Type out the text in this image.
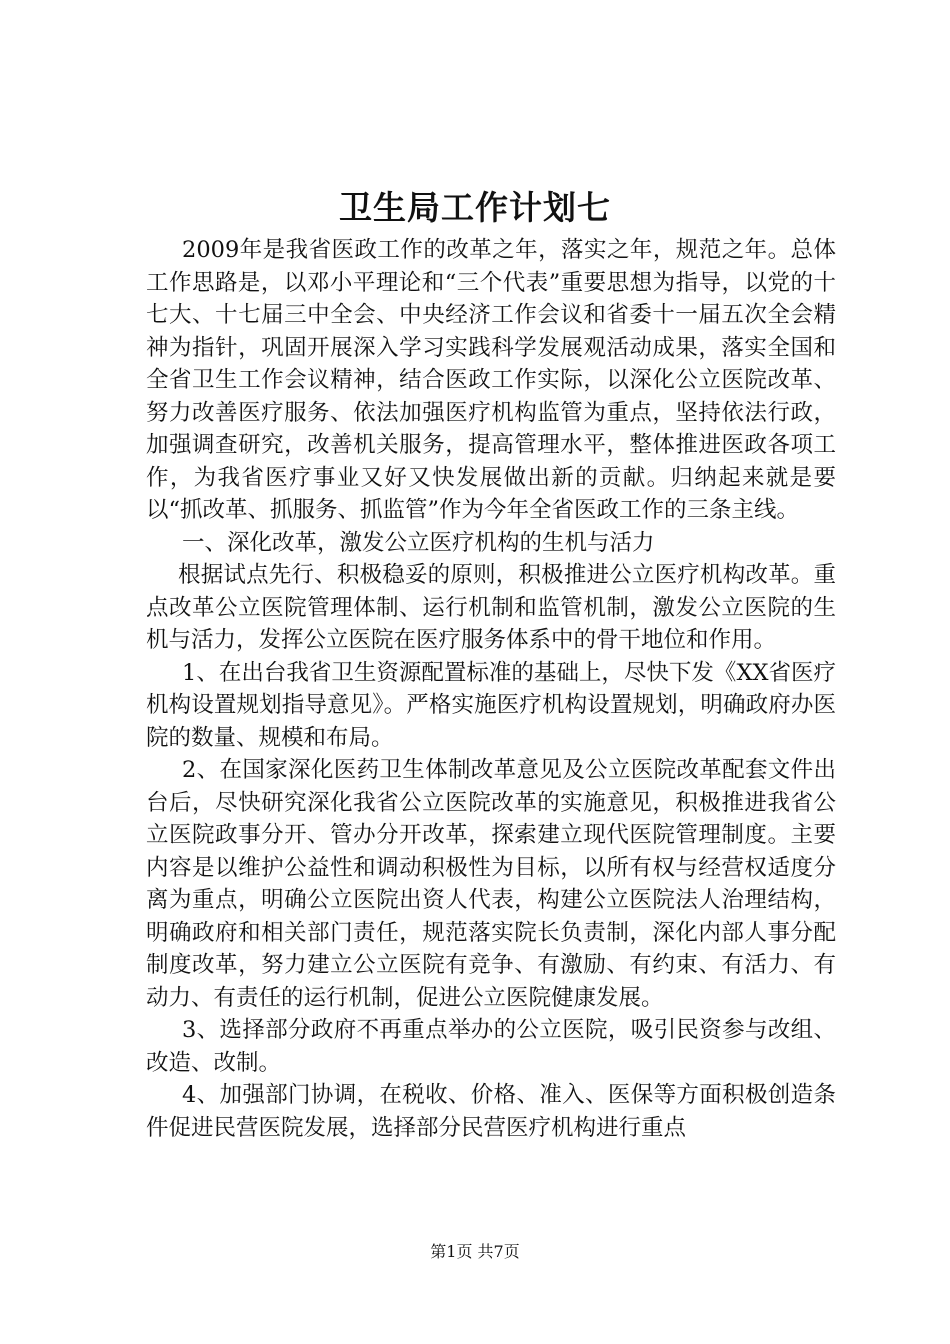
卫生局工作计划七

2009年是我省医政工作的改革之年，落实之年，规范之年。总体工作思路是，以邓小平理论和“三个代表”重要思想为指导，以党的十七大、十七届三中全会、中央经济工作会议和省委十一届五次全会精神为指针，巩固开展深入学习实践科学发展观活动成果，落实全国和全省卫生工作会议精神，结合医政工作实际，以深化公立医院改革、努力改善医疗服务、依法加强医疗机构监管为重点，坚持依法行政，加强调查研究，改善机关服务，提高管理水平，整体推进医政各项工作，为我省医疗事业又好又快发展做出新的贡献。归纳起来就是要以“抓改革、抓服务、抓监管”作为今年全省医政工作的三条主线。

一、深化改革，激发公立医疗机构的生机与活力

根据试点先行、积极稳妥的原则，积极推进公立医疗机构改革。重点改革公立医院管理体制、运行机制和监管机制，激发公立医院的生机与活力，发挥公立医院在医疗服务体系中的骨干地位和作用。

1、在出台我省卫生资源配置标准的基础上，尽快下发《XX省医疗机构设置规划指导意见》。严格实施医疗机构设置规划，明确政府办医院的数量、规模和布局。

2、在国家深化医药卫生体制改革意见及公立医院改革配套文件出台后，尽快研究深化我省公立医院改革的实施意见，积极推进我省公立医院政事分开、管办分开改革，探索建立现代医院管理制度。主要内容是以维护公益性和调动积极性为目标，以所有权与经营权适度分离为重点，明确公立医院出资人代表，构建公立医院法人治理结构，明确政府和相关部门责任，规范落实院长负责制，深化内部人事分配制度改革，努力建立公立医院有竞争、有激励、有约束、有活力、有动力、有责任的运行机制，促进公立医院健康发展。

3、选择部分政府不再重点举办的公立医院，吸引民资参与改组、改造、改制。

4、加强部门协调，在税收、价格、准入、医保等方面积极创造条件促进民营医院发展，选择部分民营医疗机构进行重点

第1页 共7页
